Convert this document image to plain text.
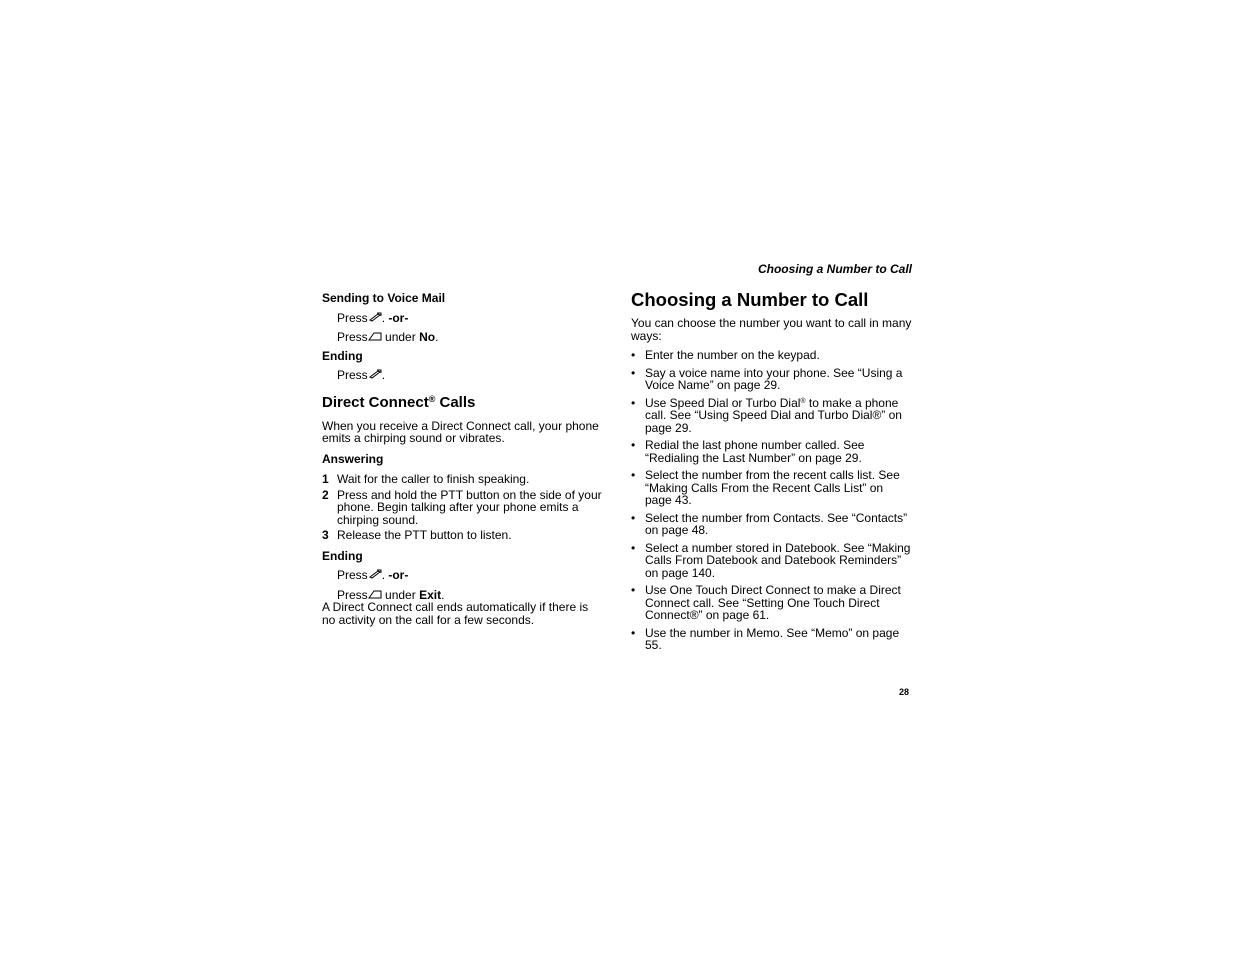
Choosing a Number to Call
Sending to Voice Mail
Press . -or-
Press under No.
Ending
Press .
Direct Connect® Calls

When you receive a Direct Connect call, your phone emits a chirping sound or vibrates.

Answering
1 Wait for the caller to finish speaking.
2 Press and hold the PTT button on the side of your phone. Begin talking after your phone emits a chirping sound.
3 Release the PTT button to listen.
Ending
Press . -or-
Press under Exit.

A Direct Connect call ends automatically if there is no activity on the call for a few seconds.

Choosing a Number to Call

You can choose the number you want to call in many ways:

• Enter the number on the keypad.
• Say a voice name into your phone. See “Using a Voice Name” on page 29.
• Use Speed Dial or Turbo Dial® to make a phone call. See “Using Speed Dial and Turbo Dial®” on page 29.
• Redial the last phone number called. See “Redialing the Last Number” on page 29.
• Select the number from the recent calls list. See “Making Calls From the Recent Calls List” on page 43.
• Select the number from Contacts. See “Contacts” on page 48.
• Select a number stored in Datebook. See “Making Calls From Datebook and Datebook Reminders” on page 140.
• Use One Touch Direct Connect to make a Direct Connect call. See “Setting One Touch Direct Connect®” on page 61.
• Use the number in Memo. See “Memo” on page 55.
28
